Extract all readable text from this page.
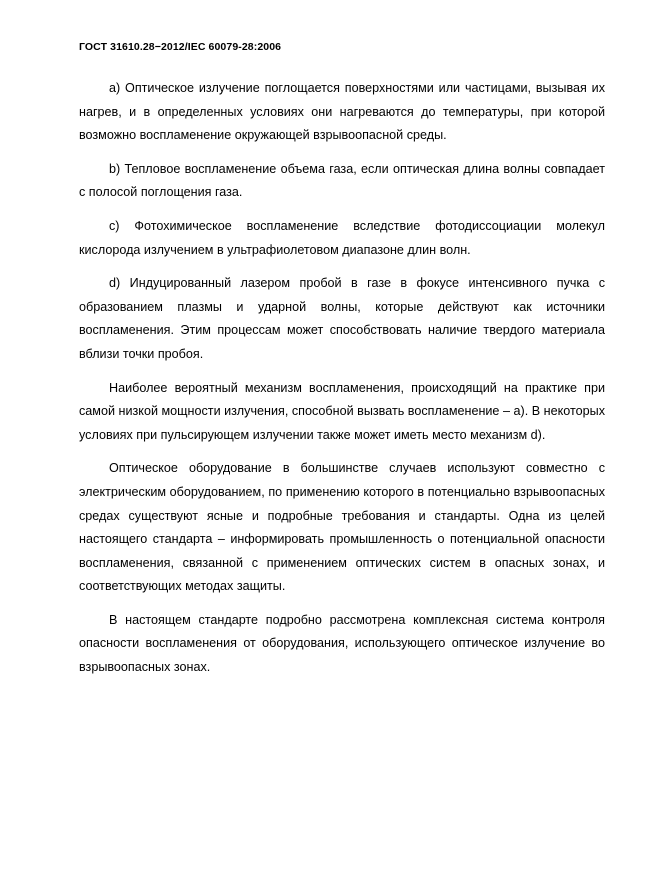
ГОСТ 31610.28−2012/IEC 60079-28:2006

а) Оптическое излучение поглощается поверхностями или частицами, вызывая их нагрев, и в определенных условиях они нагреваются до температуры, при которой возможно воспламенение окружающей взрывоопасной среды.

b) Тепловое воспламенение объема газа, если оптическая длина волны совпадает с полосой поглощения газа.

c) Фотохимическое воспламенение вследствие фотодиссоциации молекул кислорода излучением в ультрафиолетовом диапазоне длин волн.

d) Индуцированный лазером пробой в газе в фокусе интенсивного пучка с образованием плазмы и ударной волны, которые действуют как источники воспламенения. Этим процессам может способствовать наличие твердого материала вблизи точки пробоя.

Наиболее вероятный механизм воспламенения, происходящий на практике при самой низкой мощности излучения, способной вызвать воспламенение – а). В некоторых условиях при пульсирующем излучении также может иметь место механизм d).

Оптическое оборудование в большинстве случаев используют совместно с электрическим оборудованием, по применению которого в потенциально взрывоопасных средах существуют ясные и подробные требования и стандарты. Одна из целей настоящего стандарта – информировать промышленность о потенциальной опасности воспламенения, связанной с применением оптических систем в опасных зонах, и соответствующих методах защиты.

В настоящем стандарте подробно рассмотрена комплексная система контроля опасности воспламенения от оборудования, использующего оптическое излучение во взрывоопасных зонах.
